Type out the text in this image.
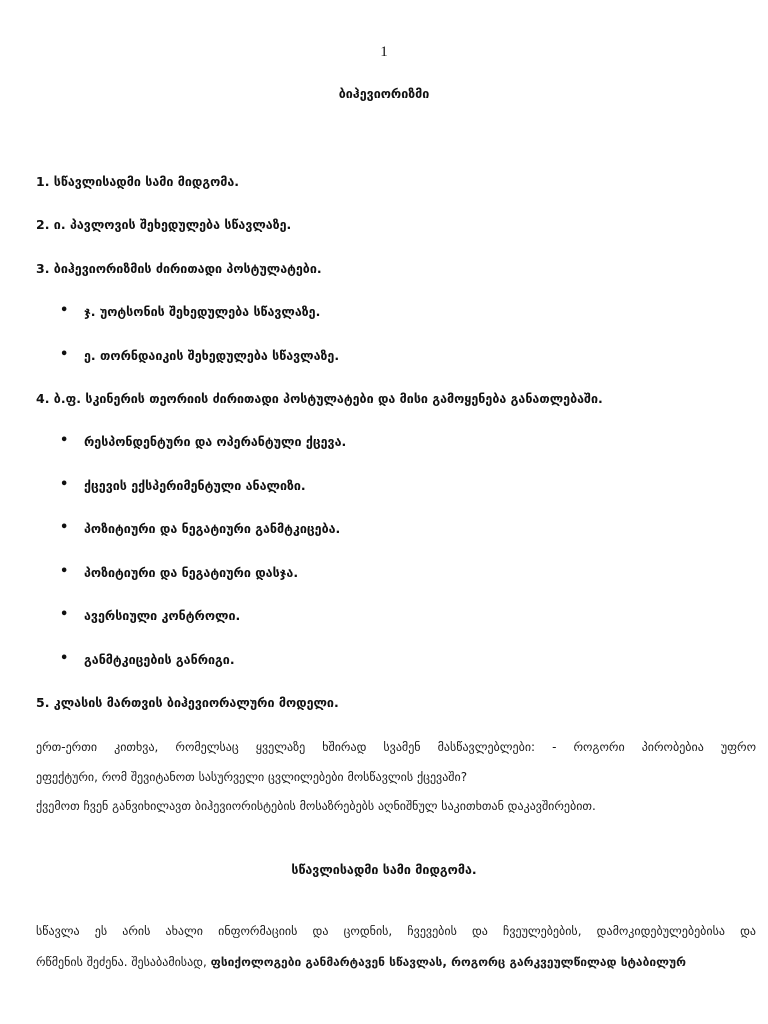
1
ბიჰევიორიზმი
1. სწავლისადმი სამი მიდგომა.
2. ი. პავლოვის შეხედულება სწავლაზე.
3. ბიჰევიორიზმის ძირითადი პოსტულატები.
• ჯ. უოტსონის შეხედულება სწავლაზე.
• ე. თორნდაიკის შეხედულება სწავლაზე.
4. ბ.ფ. სკინერის თეორიის ძირითადი პოსტულატები და მისი გამოყენება განათლებაში.
• რესპონდენტური და ოპერანტული ქცევა.
• ქცევის ექსპერიმენტული ანალიზი.
• პოზიტიური და ნეგატიური განმტკიცება.
• პოზიტიური და ნეგატიური დასჯა.
• ავერსიული კონტროლი.
• განმტკიცების განრიგი.
5. კლასის მართვის ბიჰევიორალური მოდელი.
ერთ-ერთი კითხვა, რომელსაც ყველაზე ხშირად სვამენ მასწავლებლები: - როგორი პირობებია უფრო
ეფექტური, რომ შევიტანოთ სასურველი ცვლილებები მოსწავლის ქცევაში?
ქვემოთ ჩვენ განვიხილავთ ბიჰევიორისტების მოსაზრებებს აღნიშნულ საკითხთან დაკავშირებით.
სწავლისადმი სამი მიდგომა.
სწავლა ეს არის ახალი ინფორმაციის და ცოდნის, ჩვევების და ჩვეულებების, დამოკიდებულებებისა და
რწმენის შეძენა. შესაბამისად, ფსიქოლოგები განმარტავენ სწავლას, როგორც გარკვეულწილად სტაბილურ
